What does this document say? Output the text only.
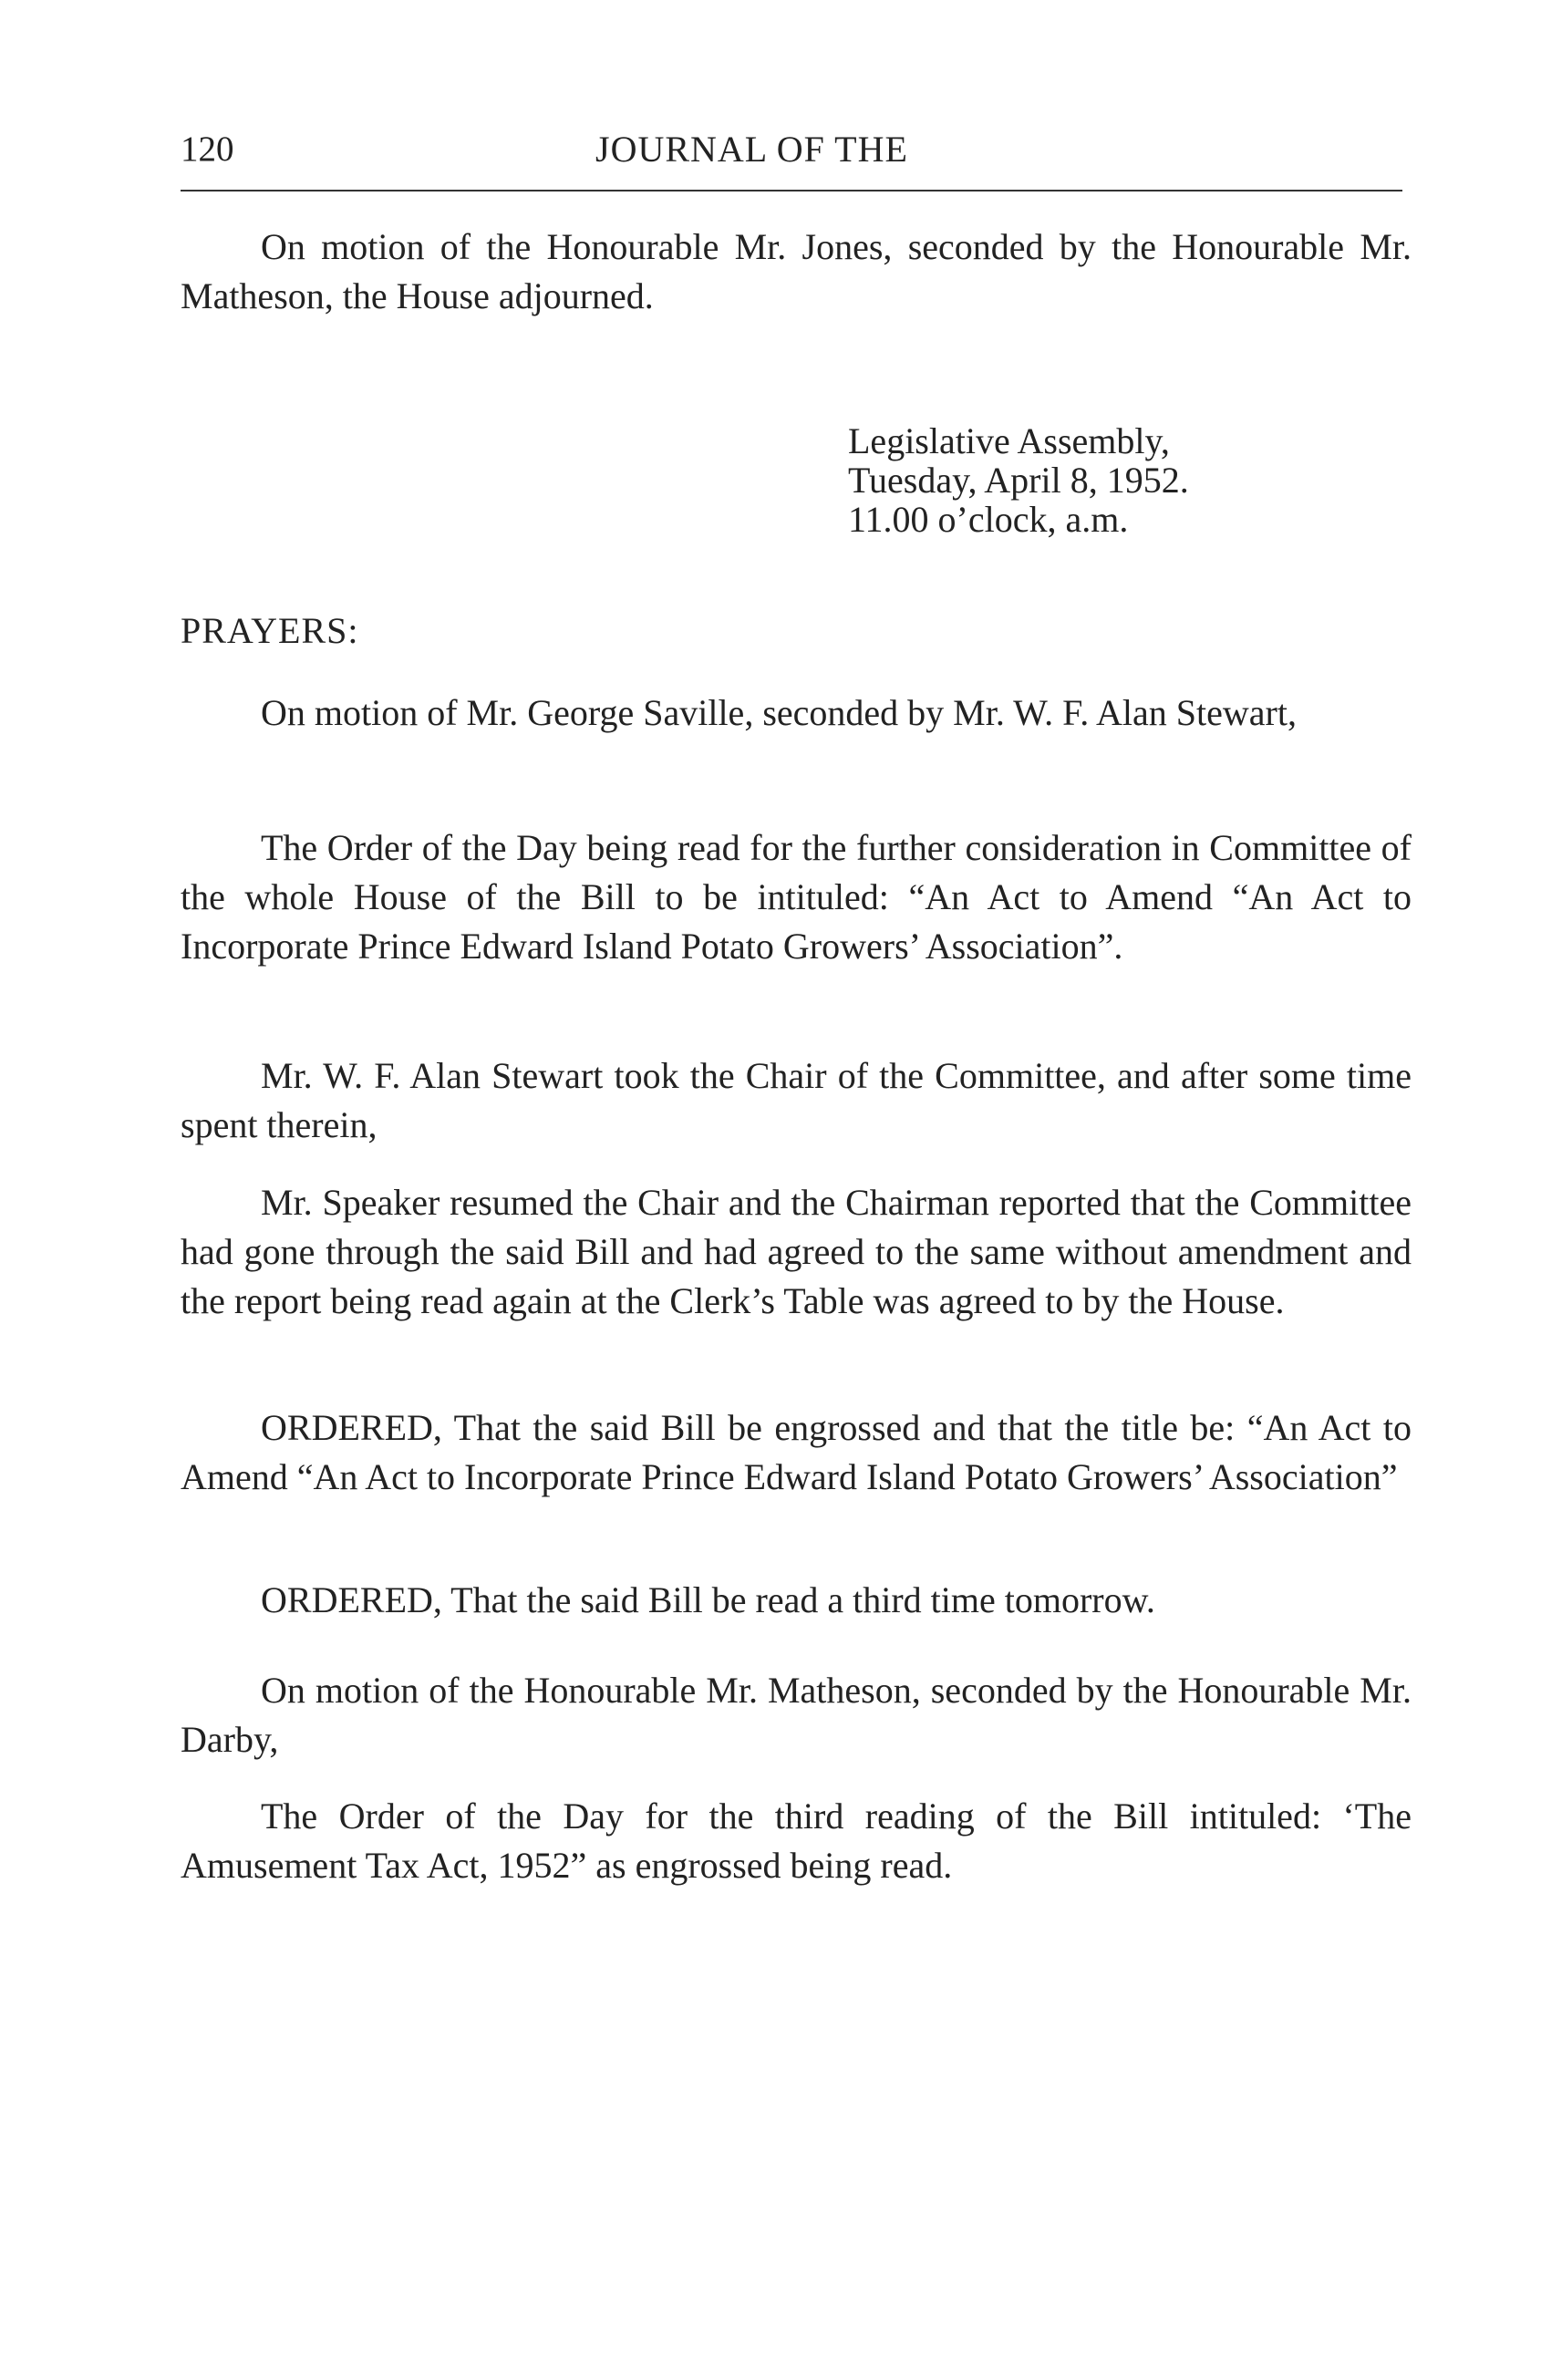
120	JOURNAL OF THE

On motion of the Honourable Mr. Jones, seconded by the Honourable Mr. Matheson, the House adjourned.

Legislative Assembly,
Tuesday, April 8, 1952.
11.00 o’clock, a.m.

PRAYERS:

On motion of Mr. George Saville, seconded by Mr. W. F. Alan Stewart,

The Order of the Day being read for the further consideration in Committee of the whole House of the Bill to be intituled: “An Act to Amend “An Act to Incorporate Prince Edward Island Potato Growers’ Association”.

Mr. W. F. Alan Stewart took the Chair of the Committee, and after some time spent therein,

Mr. Speaker resumed the Chair and the Chairman reported that the Committee had gone through the said Bill and had agreed to the same without amendment and the report being read again at the Clerk’s Table was agreed to by the House.

ORDERED, That the said Bill be engrossed and that the title be: “An Act to Amend “An Act to Incorporate Prince Edward Island Potato Growers’ Association”

ORDERED, That the said Bill be read a third time tomorrow.

On motion of the Honourable Mr. Matheson, seconded by the Honourable Mr. Darby,

The Order of the Day for the third reading of the Bill intituled: ‘The Amusement Tax Act, 1952” as engrossed being read.
